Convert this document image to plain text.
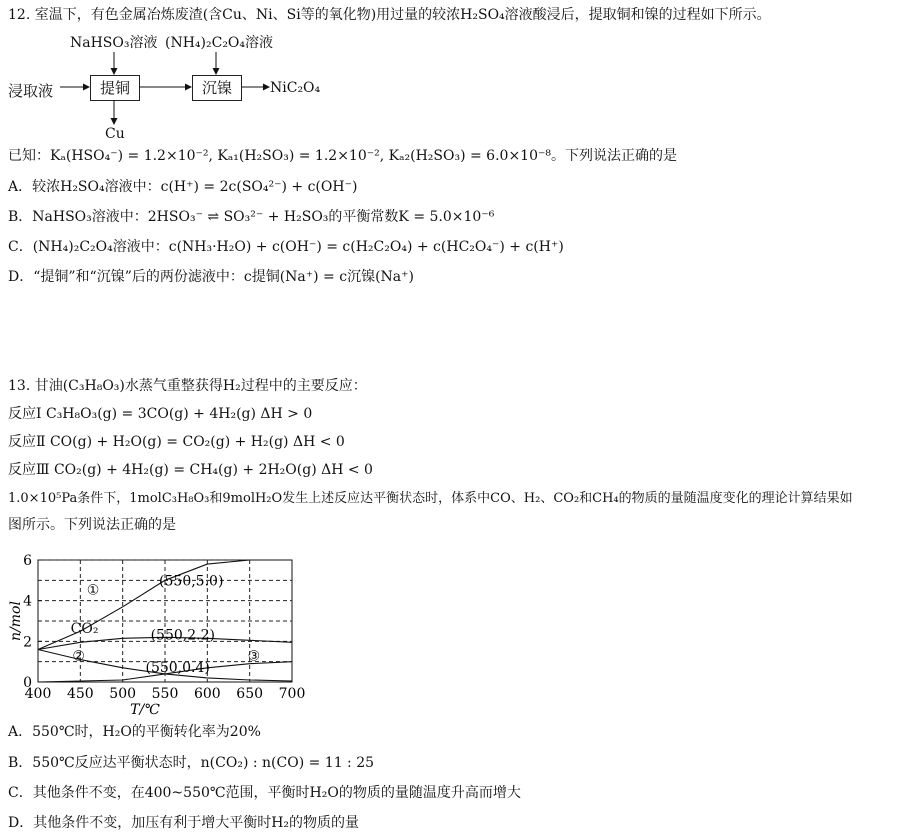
12. 室温下，有色金属冶炼废渣(含Cu、Ni、Si等的氧化物)用过量的较浓H₂SO₄溶液酸浸后，提取铜和镍的过程如下所示。
NaHSO₃溶液 (NH₄)₂C₂O₄溶液
浸取液	提铜	沉镍	NiC₂O₄
Cu
已知：Kₐ(HSO₄⁻) = 1.2×10⁻², Kₐ₁(H₂SO₃) = 1.2×10⁻², Kₐ₂(H₂SO₃) = 6.0×10⁻⁸。下列说法正确的是
A．较浓H₂SO₄溶液中：c(H⁺) = 2c(SO₄²⁻) + c(OH⁻)
B．NaHSO₃溶液中：2HSO₃⁻ ⇌ SO₃²⁻ + H₂SO₃的平衡常数K = 5.0×10⁻⁶
C．(NH₄)₂C₂O₄溶液中：c(NH₃·H₂O) + c(OH⁻) = c(H₂C₂O₄) + c(HC₂O₄⁻) + c(H⁺)
D．“提铜”和“沉镍”后的两份滤液中：c提铜(Na⁺) = c沉镍(Na⁺)
13. 甘油(C₃H₈O₃)水蒸气重整获得H₂过程中的主要反应：
反应Ⅰ C₃H₈O₃(g) = 3CO(g) + 4H₂(g) ΔH > 0
反应Ⅱ CO(g) + H₂O(g) = CO₂(g) + H₂(g) ΔH < 0
反应Ⅲ CO₂(g) + 4H₂(g) = CH₄(g) + 2H₂O(g) ΔH < 0
1.0×10⁵Pa条件下，1molC₃H₈O₃和9molH₂O发生上述反应达平衡状态时，体系中CO、H₂、CO₂和CH₄的物质的量随温度变化的理论计算结果如
图所示。下列说法正确的是
400 450 500 550 600 650 700
0
2
4
6
T/℃
n/mol
①
CO₂
②	③
(550,5.0)
(550,2.2)
(550,0.4)
A．550℃时，H₂O的平衡转化率为20%
B．550℃反应达平衡状态时，n(CO₂) : n(CO) = 11 : 25
C．其他条件不变，在400~550℃范围，平衡时H₂O的物质的量随温度升高而增大
D．其他条件不变，加压有利于增大平衡时H₂的物质的量
